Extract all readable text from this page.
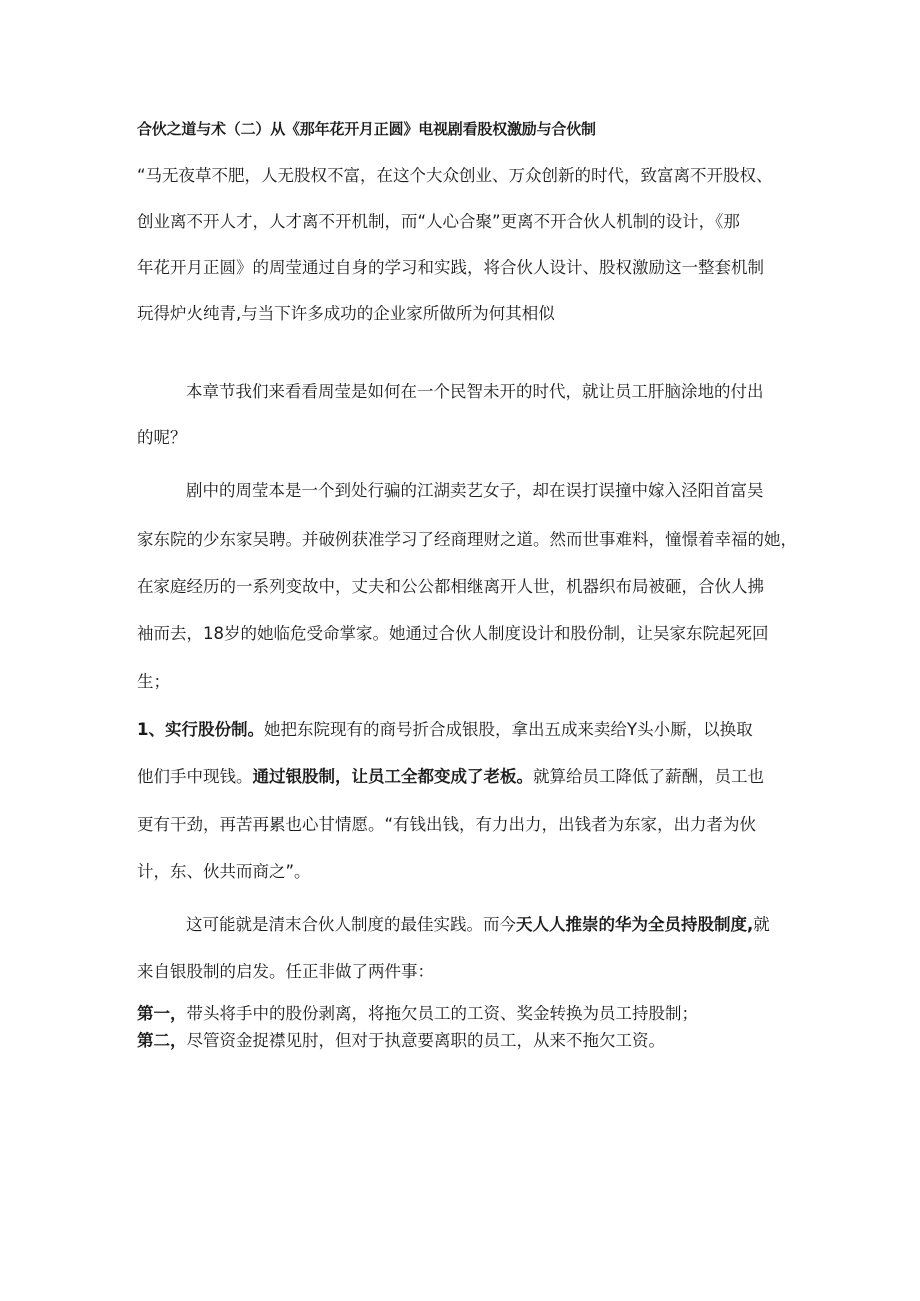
合伙之道与术（二）从《那年花开月正圆》电视剧看股权激励与合伙制
“马无夜草不肥，人无股权不富，在这个大众创业、万众创新的时代，致富离不开股权、
创业离不开人才，人才离不开机制，而“人心合聚”更离不开合伙人机制的设计，《那
年花开月正圆》的周莹通过自身的学习和实践，将合伙人设计、股权激励这一整套机制
玩得炉火纯青,与当下许多成功的企业家所做所为何其相似
本章节我们来看看周莹是如何在一个民智未开的时代，就让员工肝脑涂地的付出
的呢？
剧中的周莹本是一个到处行骗的江湖卖艺女子，却在误打误撞中嫁入泾阳首富吴
家东院的少东家吴聘。并破例获准学习了经商理财之道。然而世事难料，憧憬着幸福的她，
在家庭经历的一系列变故中，丈夫和公公都相继离开人世，机器织布局被砸，合伙人拂
袖而去，18岁的她临危受命掌家。她通过合伙人制度设计和股份制，让吴家东院起死回
生；
1、实行股份制。她把东院现有的商号折合成银股，拿出五成来卖给Y头小厮，以换取
他们手中现钱。通过银股制，让员工全都变成了老板。就算给员工降低了薪酬，员工也
更有干劲，再苦再累也心甘情愿。“有钱出钱，有力出力，出钱者为东家，出力者为伙
计，东、伙共而商之”。
这可能就是清末合伙人制度的最佳实践。而今天人人推崇的华为全员持股制度,就
来自银股制的启发。任正非做了两件事：
第一，带头将手中的股份剥离，将拖欠员工的工资、奖金转换为员工持股制；
第二，尽管资金捉襟见肘，但对于执意要离职的员工，从来不拖欠工资。
